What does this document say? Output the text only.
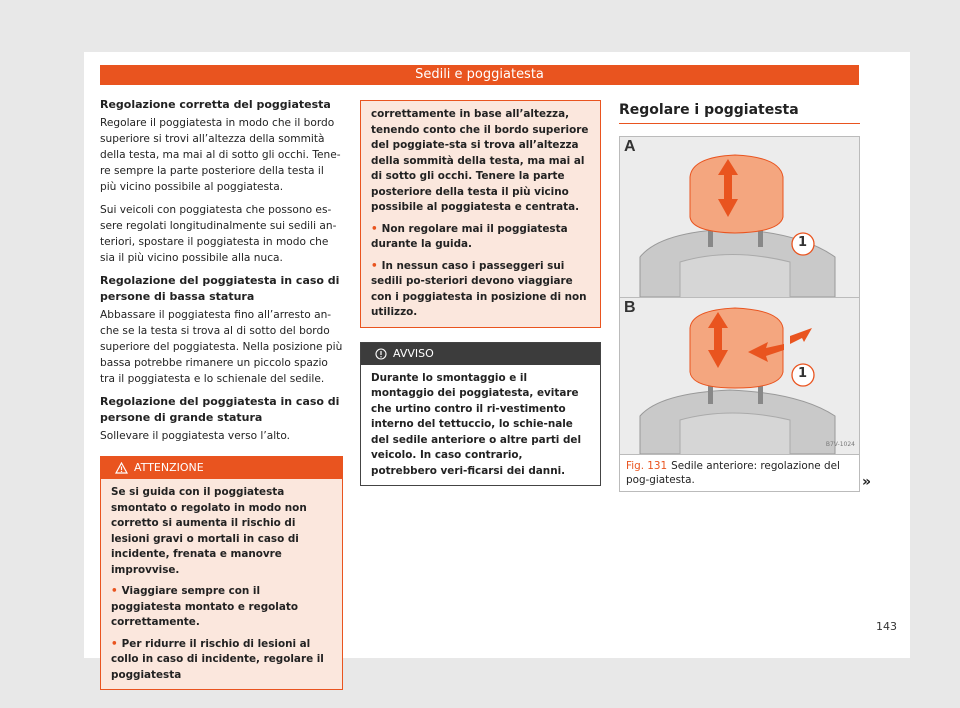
Sedili e poggiatesta
Regolazione corretta del poggiatesta

Regolare il poggiatesta in modo che il bordo superiore si trovi all’altezza della sommità della testa, ma mai al di sotto gli occhi. Tene-re sempre la parte posteriore della testa il più vicino possibile al poggiatesta.

Sui veicoli con poggiatesta che possono es-sere regolati longitudinalmente sui sedili an-teriori, spostare il poggiatesta in modo che sia il più vicino possibile alla nuca.

Regolazione del poggiatesta in caso di persone di bassa statura

Abbassare il poggiatesta fino all’arresto an-che se la testa si trova al di sotto del bordo superiore del poggiatesta. Nella posizione più bassa potrebbe rimanere un piccolo spazio tra il poggiatesta e lo schienale del sedile.

Regolazione del poggiatesta in caso di persone di grande statura

Sollevare il poggiatesta verso l’alto.

ATTENZIONE

Se si guida con il poggiatesta smontato o regolato in modo non corretto si aumenta il rischio di lesioni gravi o mortali in caso di incidente, frenata e manovre improvvise.

• Viaggiare sempre con il poggiatesta montato e regolato correttamente.

• Per ridurre il rischio di lesioni al collo in caso di incidente, regolare il poggiatesta

correttamente in base all’altezza, tenendo conto che il bordo superiore del poggiate-sta si trova all’altezza della sommità della testa, ma mai al di sotto gli occhi. Tenere la parte posteriore della testa il più vicino possibile al poggiatesta e centrata.

• Non regolare mai il poggiatesta durante la guida.

• In nessun caso i passeggeri sui sedili po-steriori devono viaggiare con i poggiatesta in posizione di non utilizzo.

AVVISO

Durante lo smontaggio e il montaggio dei poggiatesta, evitare che urtino contro il ri-vestimento interno del tettuccio, lo schie-nale del sedile anteriore o altre parti del veicolo. In caso contrario, potrebbero veri-ficarsi dei danni.

Regolare i poggiatesta
A
1
B
1
B7V-1024
Fig. 131 Sedile anteriore: regolazione del pog-giatesta.	»
143
